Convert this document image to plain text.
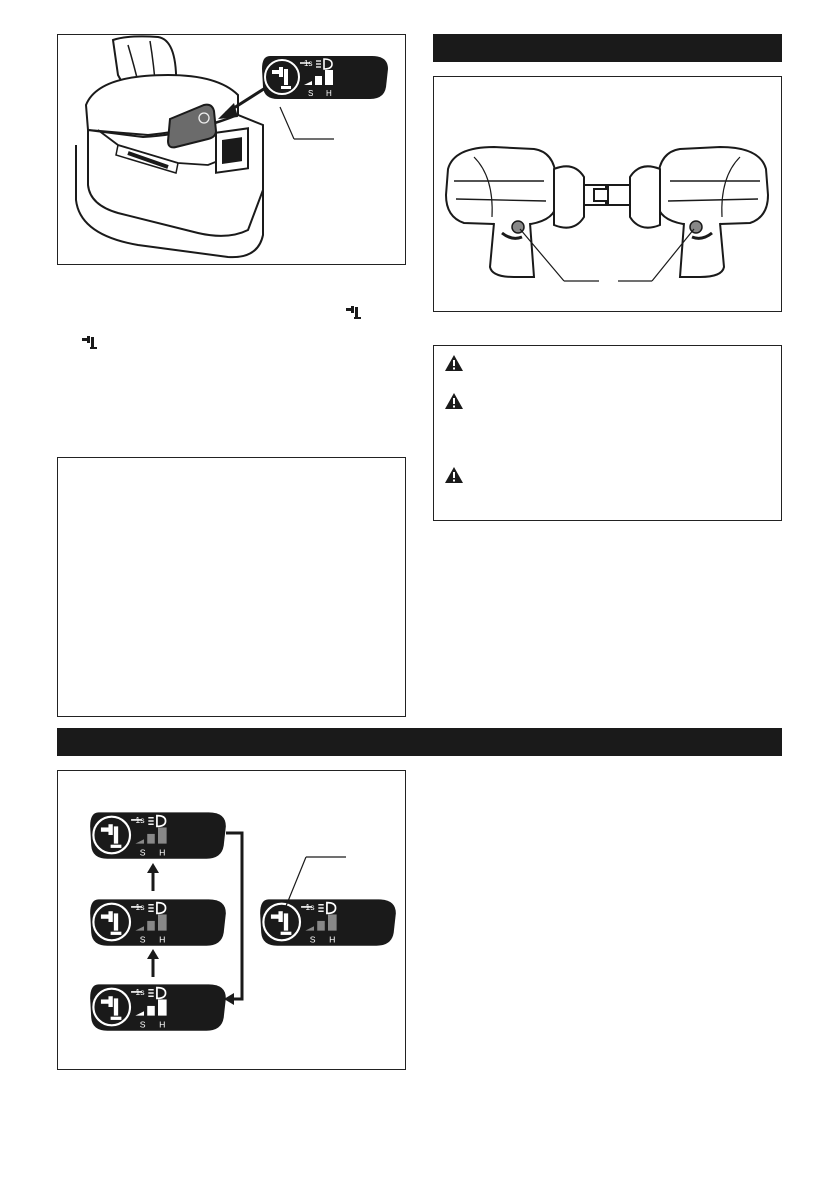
1s
S H
1s
S H
1s
S H
1s
S H
1s
S H
